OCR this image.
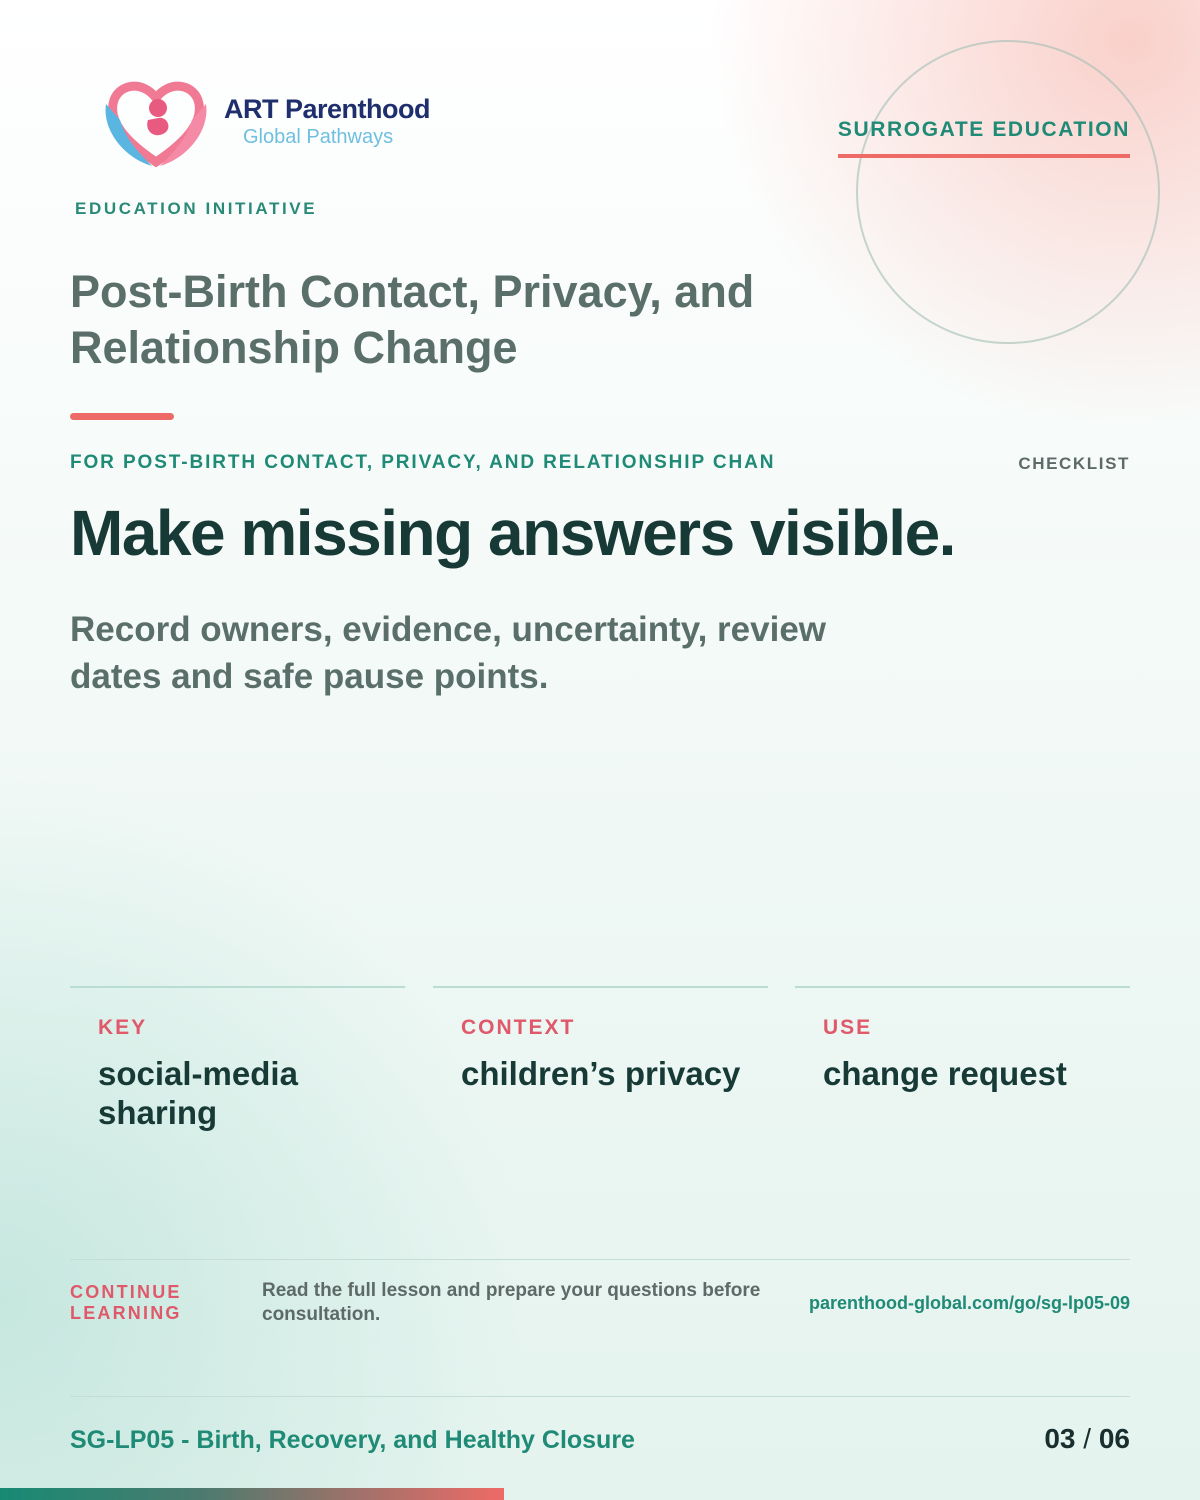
ART Parenthood
Global Pathways
EDUCATION INITIATIVE
SURROGATE EDUCATION
Post-Birth Contact, Privacy, and Relationship Change
FOR POST-BIRTH CONTACT, PRIVACY, AND RELATIONSHIP CHAN	CHECKLIST
Make missing answers visible.
Record owners, evidence, uncertainty, review dates and safe pause points.
KEY
social-media sharing
CONTEXT
children’s privacy
USE
change request
CONTINUE LEARNING
Read the full lesson and prepare your questions before consultation.
parenthood-global.com/go/sg-lp05-09
SG-LP05 - Birth, Recovery, and Healthy Closure	03 / 06
